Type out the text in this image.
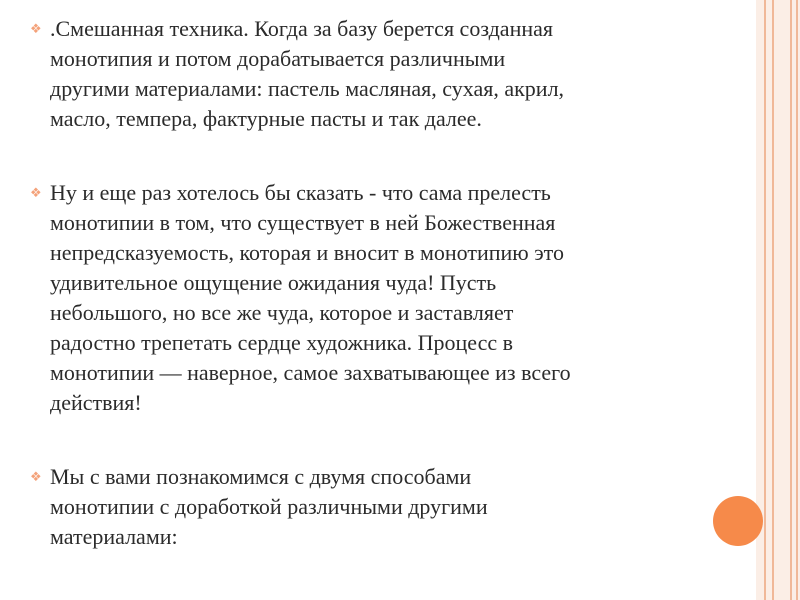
❖ .Смешанная техника. Когда за базу берется созданная
монотипия и потом дорабатывается различными
другими материалами: пастель масляная, сухая, акрил,
масло, темпера, фактурные пасты и так далее.
❖ Ну и еще раз хотелось бы сказать - что сама прелесть
монотипии в том, что существует в ней Божественная
непредсказуемость, которая и вносит в монотипию это
удивительное ощущение ожидания чуда! Пусть
небольшого, но все же чуда, которое и заставляет
радостно трепетать сердце художника. Процесс в
монотипии — наверное, самое захватывающее из всего
действия!
❖ Мы с вами познакомимся с двумя способами
монотипии с доработкой различными другими
материалами:
